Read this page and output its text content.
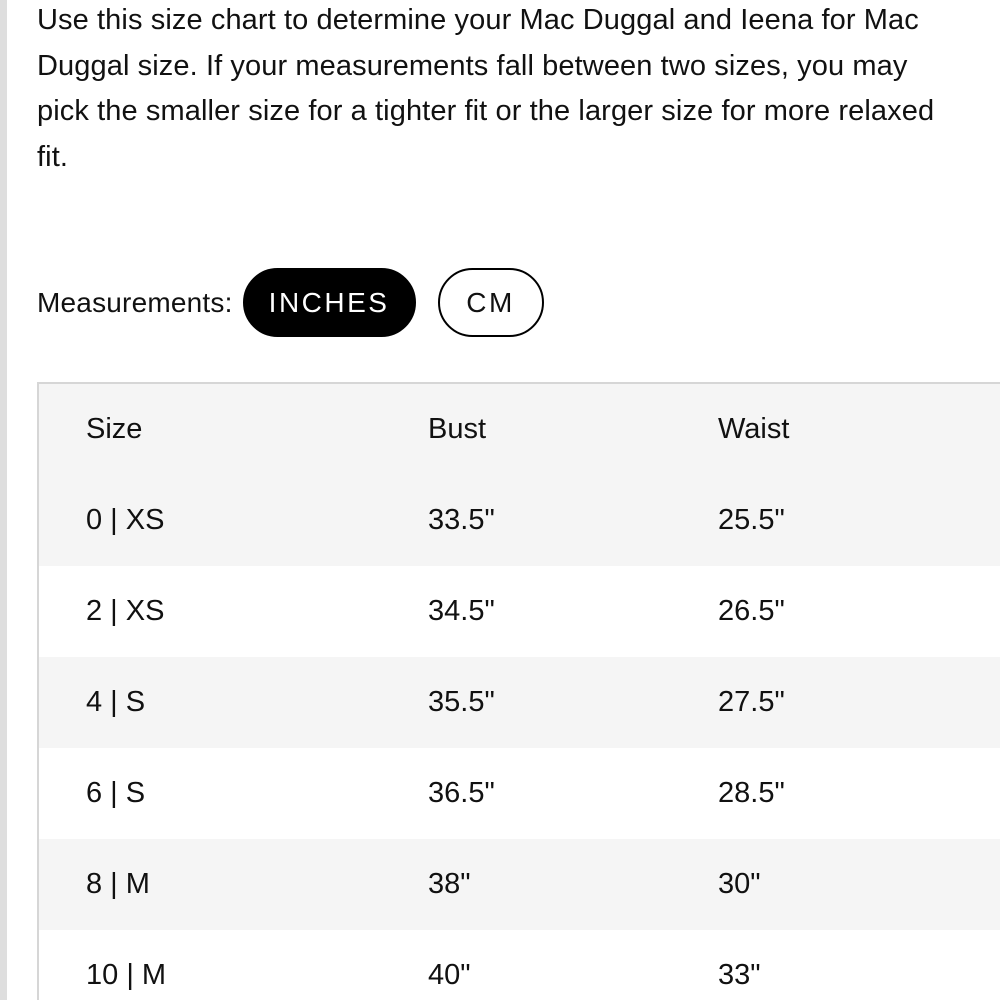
Use this size chart to determine your Mac Duggal and Ieena for Mac Duggal size. If your measurements fall between two sizes, you may pick the smaller size for a tighter fit or the larger size for more relaxed fit.

Measurements:	INCHES	CM
Size	Bust	Waist
0 | XS	33.5"	25.5"
2 | XS	34.5"	26.5"
4 | S	35.5"	27.5"
6 | S	36.5"	28.5"
8 | M	38"	30"
10 | M	40"	33"
